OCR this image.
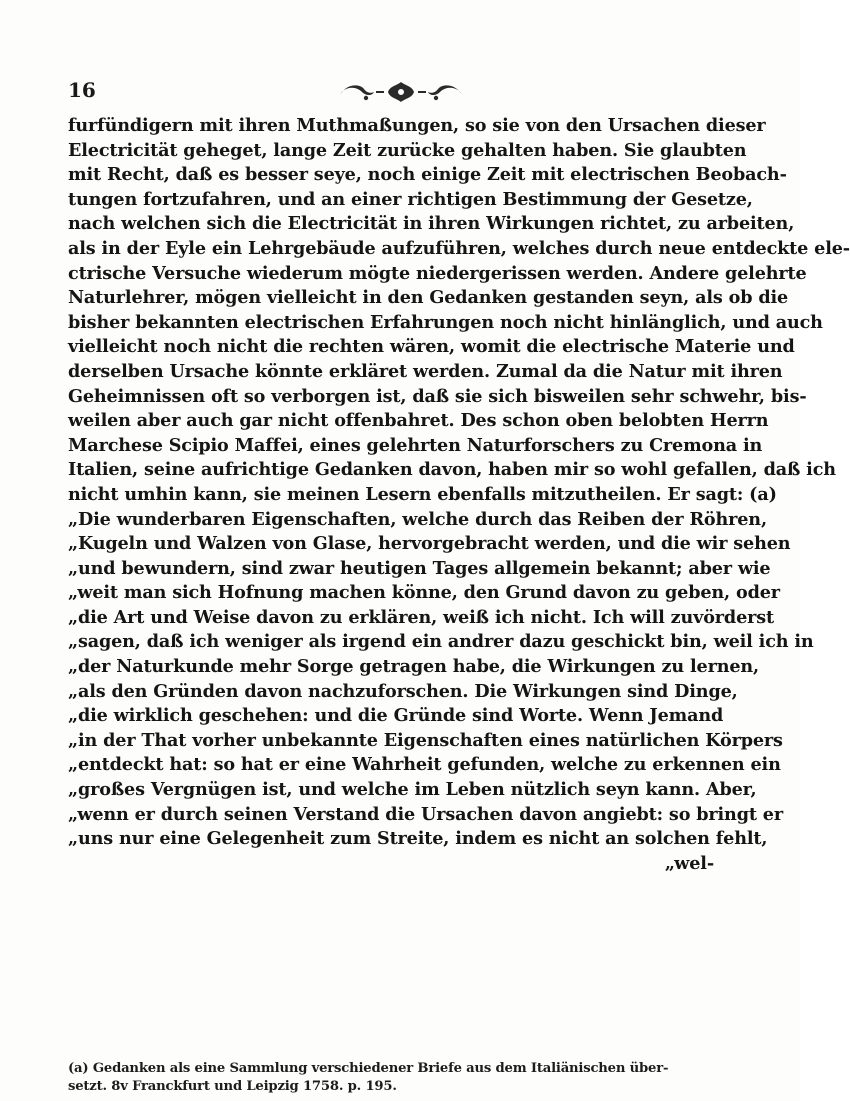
16
furfündigern mit ihren Muthmaßungen, so sie von den Ursachen dieser
Electricität geheget, lange Zeit zurücke gehalten haben. Sie glaubten
mit Recht, daß es besser seye, noch einige Zeit mit electrischen Beobach-
tungen fortzufahren, und an einer richtigen Bestimmung der Gesetze,
nach welchen sich die Electricität in ihren Wirkungen richtet, zu arbeiten,
als in der Eyle ein Lehrgebäude aufzuführen, welches durch neue entdeckte ele-
ctrische Versuche wiederum mögte niedergerissen werden. Andere gelehrte
Naturlehrer, mögen vielleicht in den Gedanken gestanden seyn, als ob die
bisher bekannten electrischen Erfahrungen noch nicht hinlänglich, und auch
vielleicht noch nicht die rechten wären, womit die electrische Materie und
derselben Ursache könnte erkläret werden. Zumal da die Natur mit ihren
Geheimnissen oft so verborgen ist, daß sie sich bisweilen sehr schwehr, bis-
weilen aber auch gar nicht offenbahret. Des schon oben belobten Herrn
Marchese Scipio Maffei, eines gelehrten Naturforschers zu Cremona in
Italien, seine aufrichtige Gedanken davon, haben mir so wohl gefallen, daß ich
nicht umhin kann, sie meinen Lesern ebenfalls mitzutheilen. Er sagt: (a)
„Die wunderbaren Eigenschaften, welche durch das Reiben der Röhren,
„Kugeln und Walzen von Glase, hervorgebracht werden, und die wir sehen
„und bewundern, sind zwar heutigen Tages allgemein bekannt; aber wie
„weit man sich Hofnung machen könne, den Grund davon zu geben, oder
„die Art und Weise davon zu erklären, weiß ich nicht. Ich will zuvörderst
„sagen, daß ich weniger als irgend ein andrer dazu geschickt bin, weil ich in
„der Naturkunde mehr Sorge getragen habe, die Wirkungen zu lernen,
„als den Gründen davon nachzuforschen. Die Wirkungen sind Dinge,
„die wirklich geschehen: und die Gründe sind Worte. Wenn Jemand
„in der That vorher unbekannte Eigenschaften eines natürlichen Körpers
„entdeckt hat: so hat er eine Wahrheit gefunden, welche zu erkennen ein
„großes Vergnügen ist, und welche im Leben nützlich seyn kann. Aber,
„wenn er durch seinen Verstand die Ursachen davon angiebt: so bringt er
„uns nur eine Gelegenheit zum Streite, indem es nicht an solchen fehlt,
„wel-
(a) Gedanken als eine Sammlung verschiedener Briefe aus dem Italiänischen über-
setzt. 8v Franckfurt und Leipzig 1758. p. 195.
